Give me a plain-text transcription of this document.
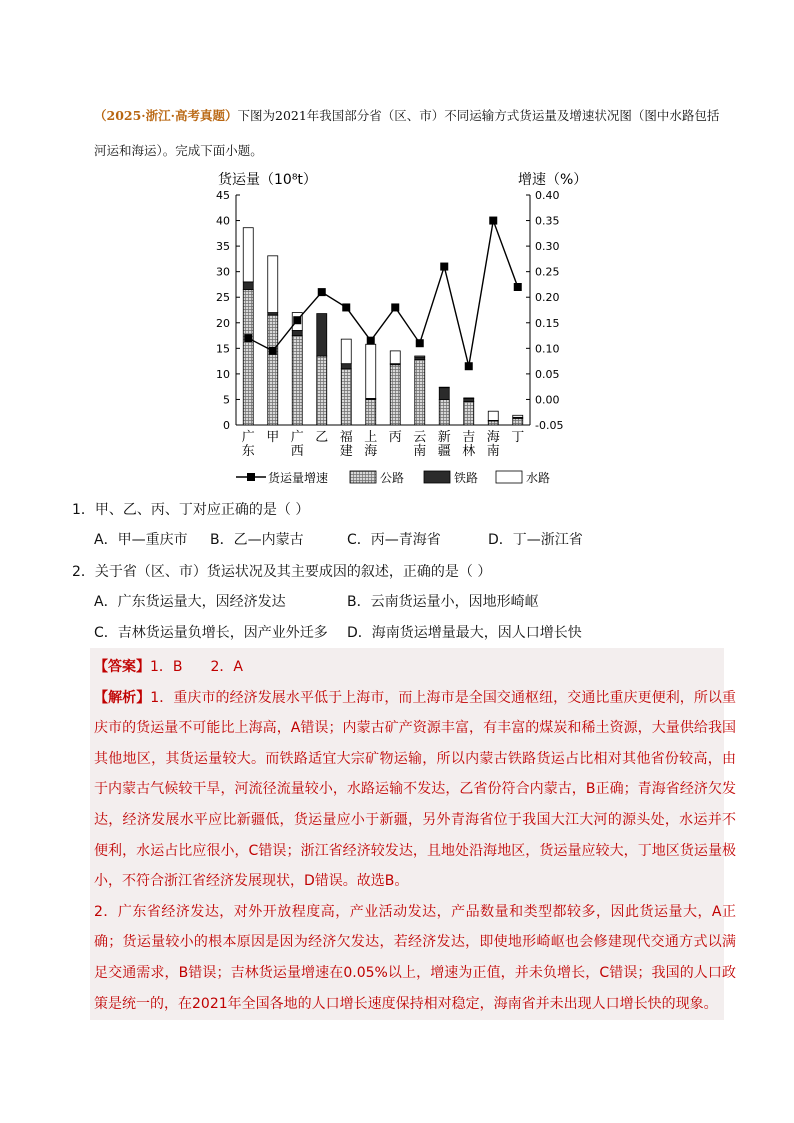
（2025·浙江·高考真题）下图为2021年我国部分省（区、市）不同运输方式货运量及增速状况图（图中水路包括河运和海运）。完成下面小题。
货运量（10⁸t）	增速（%）
0
5
10
15
20
25
30
35
40
45
-0.05
0.00
0.05
0.10
0.15
0.20
0.25
0.30
0.35
0.40
广
东
甲 广
西
乙 福
建
上
海
丙 云
南
新
疆
吉
林
海
南
丁
货运量增速	公路	铁路	水路
1．甲、乙、丙、丁对应正确的是（ ）
A．甲—重庆市 B．乙—内蒙古	C．丙—青海省	D．丁—浙江省
2．关于省（区、市）货运状况及其主要成因的叙述，正确的是（ ）
A．广东货运量大，因经济发达	B．云南货运量小，因地形崎岖
C．吉林货运量负增长，因产业外迁多 D．海南货运增量最大，因人口增长快

【答案】1．B　　2．A

【解析】1．重庆市的经济发展水平低于上海市，而上海市是全国交通枢纽，交通比重庆更便利，所以重庆市的货运量不可能比上海高，A错误；内蒙古矿产资源丰富，有丰富的煤炭和稀土资源，大量供给我国其他地区，其货运量较大。而铁路适宜大宗矿物运输，所以内蒙古铁路货运占比相对其他省份较高，由于内蒙古气候较干旱，河流径流量较小，水路运输不发达，乙省份符合内蒙古，B正确；青海省经济欠发达，经济发展水平应比新疆低，货运量应小于新疆，另外青海省位于我国大江大河的源头处，水运并不便利，水运占比应很小，C错误；浙江省经济较发达，且地处沿海地区，货运量应较大，丁地区货运量极小，不符合浙江省经济发展现状，D错误。故选B。

2．广东省经济发达，对外开放程度高，产业活动发达，产品数量和类型都较多，因此货运量大，A正确；货运量较小的根本原因是因为经济欠发达，若经济发达，即使地形崎岖也会修建现代交通方式以满足交通需求，B错误；吉林货运量增速在0.05%以上，增速为正值，并未负增长，C错误；我国的人口政策是统一的，在2021年全国各地的人口增长速度保持相对稳定，海南省并未出现人口增长快的现象。
